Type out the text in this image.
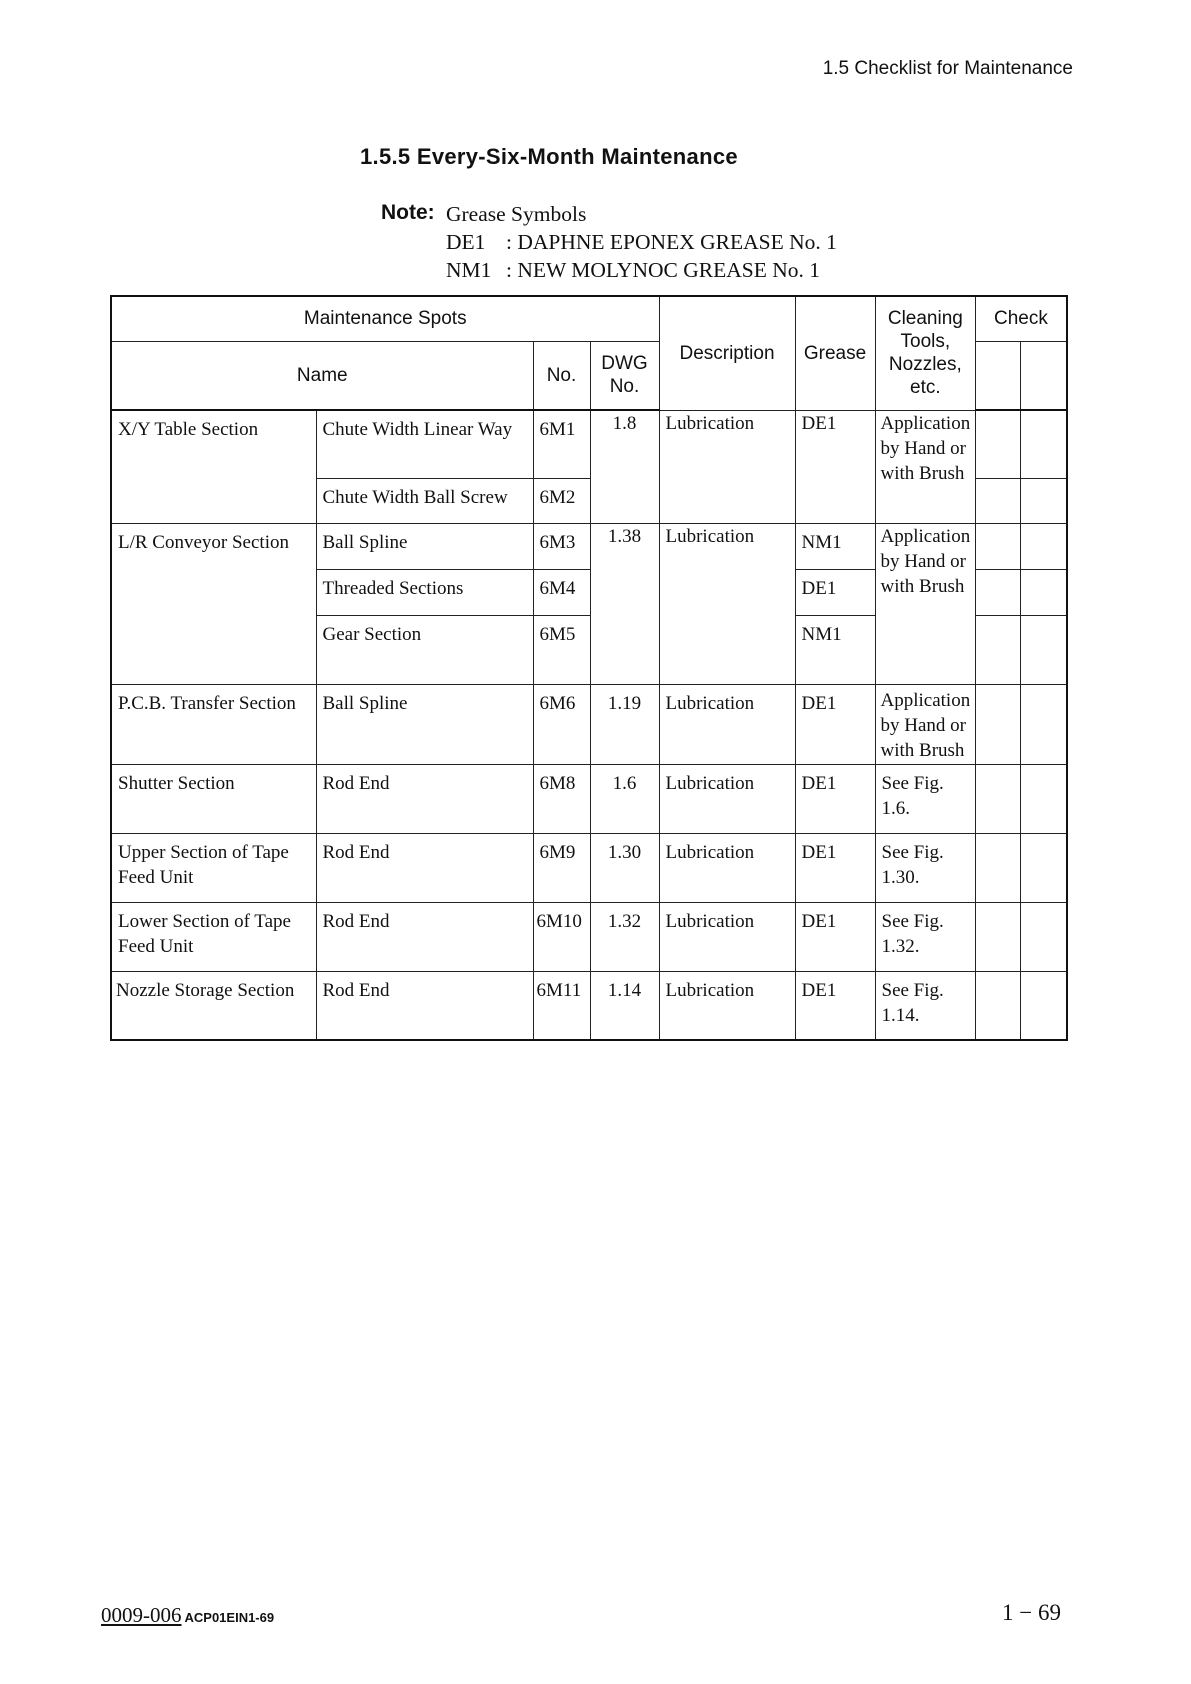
1.5 Checklist for Maintenance
1.5.5 Every-Six-Month Maintenance
Note: Grease Symbols
DE1 : DAPHNE EPONEX GREASE No. 1
NM1 : NEW MOLYNOC GREASE No. 1
Maintenance Spots				Description	Grease	Cleaning Tools, Nozzles, etc.	Check	
Name		No.	DWG No.					

X/Y Table Section	Chute Width Linear Way	6M1	1.8	Lubrication	DE1	Application by Hand or with Brush		

	Chute Width Ball Screw	6M2						

L/R Conveyor Section	Ball Spline	6M3	1.38	Lubrication	NM1	Application by Hand or with Brush		

	Threaded Sections	6M4			DE1			

	Gear Section	6M5			NM1			

P.C.B. Transfer Section	Ball Spline	6M6	1.19	Lubrication	DE1	Application by Hand or with Brush		

Shutter Section	Rod End	6M8	1.6	Lubrication	DE1	See Fig. 1.6.		

Upper Section of Tape Feed Unit	Rod End	6M9	1.30	Lubrication	DE1	See Fig. 1.30.		

Lower Section of Tape Feed Unit	Rod End	6M10	1.32	Lubrication	DE1	See Fig. 1.32.		

Nozzle Storage Section	Rod End	6M11	1.14	Lubrication	DE1	See Fig. 1.14.		

0009-006 ACP01EIN1-69	1 − 69
